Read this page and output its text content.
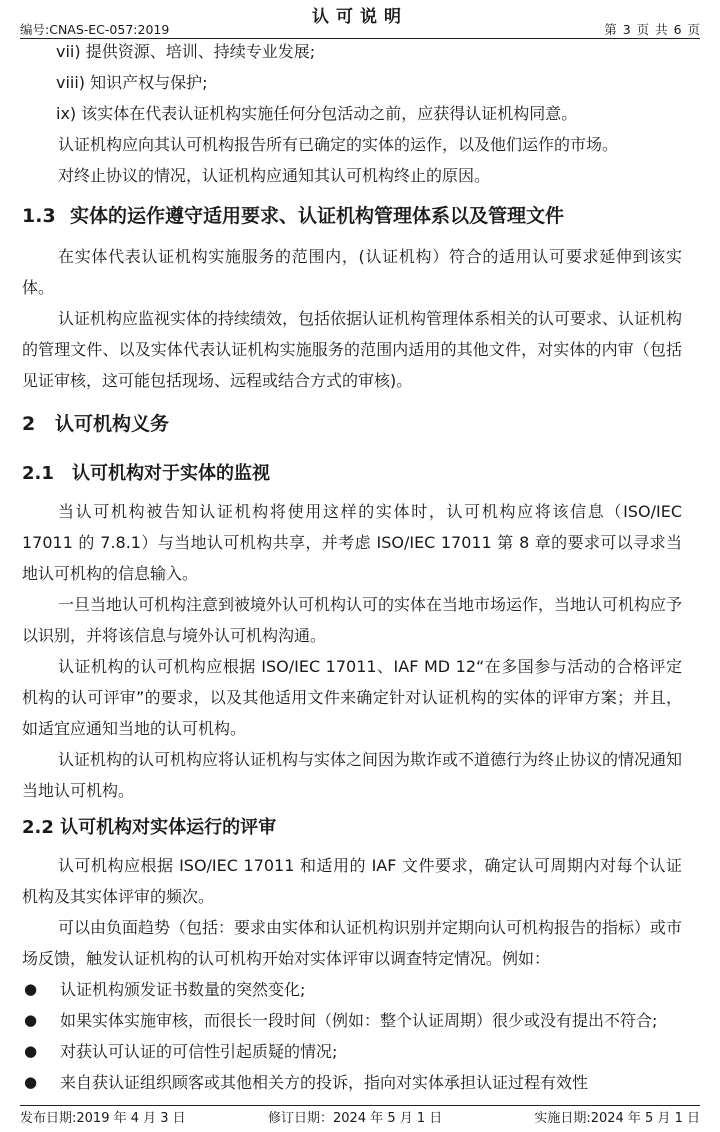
认可说明
编号:CNAS-EC-057:2019	第 3 页 共 6 页

vii) 提供资源、培训、持续专业发展;

viii) 知识产权与保护;

ix) 该实体在代表认证机构实施任何分包活动之前，应获得认证机构同意。

认证机构应向其认可机构报告所有已确定的实体的运作，以及他们运作的市场。

对终止协议的情况，认证机构应通知其认可机构终止的原因。

1.3 实体的运作遵守适用要求、认证机构管理体系以及管理文件

在实体代表认证机构实施服务的范围内，(认证机构）符合的适用认可要求延伸到该实体。

认证机构应监视实体的持续绩效，包括依据认证机构管理体系相关的认可要求、认证机构的管理文件、以及实体代表认证机构实施服务的范围内适用的其他文件，对实体的内审（包括见证审核，这可能包括现场、远程或结合方式的审核)。

2 认可机构义务
2.1 认可机构对于实体的监视

当认可机构被告知认证机构将使用这样的实体时，认可机构应将该信息（ISO/IEC 17011 的 7.8.1）与当地认可机构共享，并考虑 ISO/IEC 17011 第 8 章的要求可以寻求当地认可机构的信息输入。

一旦当地认可机构注意到被境外认可机构认可的实体在当地市场运作，当地认可机构应予以识别，并将该信息与境外认可机构沟通。

认证机构的认可机构应根据 ISO/IEC 17011、IAF MD 12“在多国参与活动的合格评定机构的认可评审”的要求，以及其他适用文件来确定针对认证机构的实体的评审方案；并且，如适宜应通知当地的认可机构。

认证机构的认可机构应将认证机构与实体之间因为欺诈或不道德行为终止协议的情况通知当地认可机构。

2.2 认可机构对实体运行的评审

认可机构应根据 ISO/IEC 17011 和适用的 IAF 文件要求，确定认可周期内对每个认证机构及其实体评审的频次。

可以由负面趋势（包括：要求由实体和认证机构识别并定期向认可机构报告的指标）或市场反馈，触发认证机构的认可机构开始对实体评审以调查特定情况。例如：

●	认证机构颁发证书数量的突然变化;
●	如果实体实施审核，而很长一段时间（例如：整个认证周期）很少或没有提出不符合;
●	对获认可认证的可信性引起质疑的情况;
●	来自获认证组织顾客或其他相关方的投诉，指向对实体承担认证过程有效性
发布日期:2019 年 4 月 3 日	修订日期：2024 年 5 月 1 日	实施日期:2024 年 5 月 1 日
